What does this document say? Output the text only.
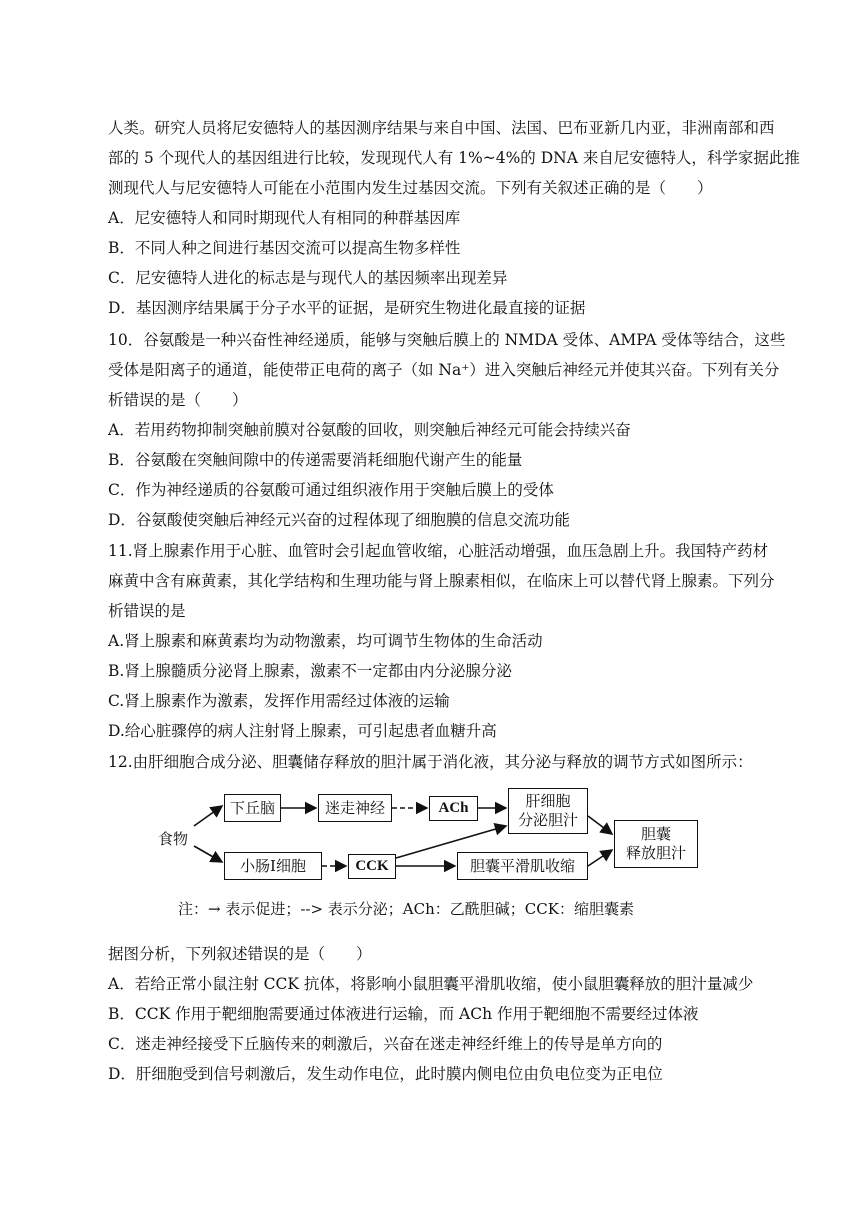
人类。研究人员将尼安德特人的基因测序结果与来自中国、法国、巴布亚新几内亚，非洲南部和西
部的 5 个现代人的基因组进行比较，发现现代人有 1%~4%的 DNA 来自尼安德特人，科学家据此推
测现代人与尼安德特人可能在小范围内发生过基因交流。下列有关叙述正确的是（　　）
A．尼安德特人和同时期现代人有相同的种群基因库
B．不同人种之间进行基因交流可以提高生物多样性
C．尼安德特人进化的标志是与现代人的基因频率出现差异
D．基因测序结果属于分子水平的证据，是研究生物进化最直接的证据
10．谷氨酸是一种兴奋性神经递质，能够与突触后膜上的 NMDA 受体、AMPA 受体等结合，这些
受体是阳离子的通道，能使带正电荷的离子（如 Na⁺）进入突触后神经元并使其兴奋。下列有关分
析错误的是（　　）
A．若用药物抑制突触前膜对谷氨酸的回收，则突触后神经元可能会持续兴奋
B．谷氨酸在突触间隙中的传递需要消耗细胞代谢产生的能量
C．作为神经递质的谷氨酸可通过组织液作用于突触后膜上的受体
D．谷氨酸使突触后神经元兴奋的过程体现了细胞膜的信息交流功能
11.肾上腺素作用于心脏、血管时会引起血管收缩，心脏活动增强，血压急剧上升。我国特产药材
麻黄中含有麻黄素，其化学结构和生理功能与肾上腺素相似，在临床上可以替代肾上腺素。下列分
析错误的是
A.肾上腺素和麻黄素均为动物激素，均可调节生物体的生命活动
B.肾上腺髓质分泌肾上腺素，激素不一定都由内分泌腺分泌
C.肾上腺素作为激素，发挥作用需经过体液的运输
D.给心脏骤停的病人注射肾上腺素，可引起患者血糖升高
12.由肝细胞合成分泌、胆囊储存释放的胆汁属于消化液，其分泌与释放的调节方式如图所示：
食物
下丘脑	迷走神经	ACh	肝细胞
分泌胆汁
胆囊
释放胆汁
小肠Ⅰ细胞	CCK	胆囊平滑肌收缩
注：→ 表示促进；--> 表示分泌；ACh：乙酰胆碱；CCK：缩胆囊素
据图分析，下列叙述错误的是（　　）
A．若给正常小鼠注射 CCK 抗体，将影响小鼠胆囊平滑肌收缩，使小鼠胆囊释放的胆汁量减少
B．CCK 作用于靶细胞需要通过体液进行运输，而 ACh 作用于靶细胞不需要经过体液
C．迷走神经接受下丘脑传来的刺激后，兴奋在迷走神经纤维上的传导是单方向的
D．肝细胞受到信号刺激后，发生动作电位，此时膜内侧电位由负电位变为正电位
